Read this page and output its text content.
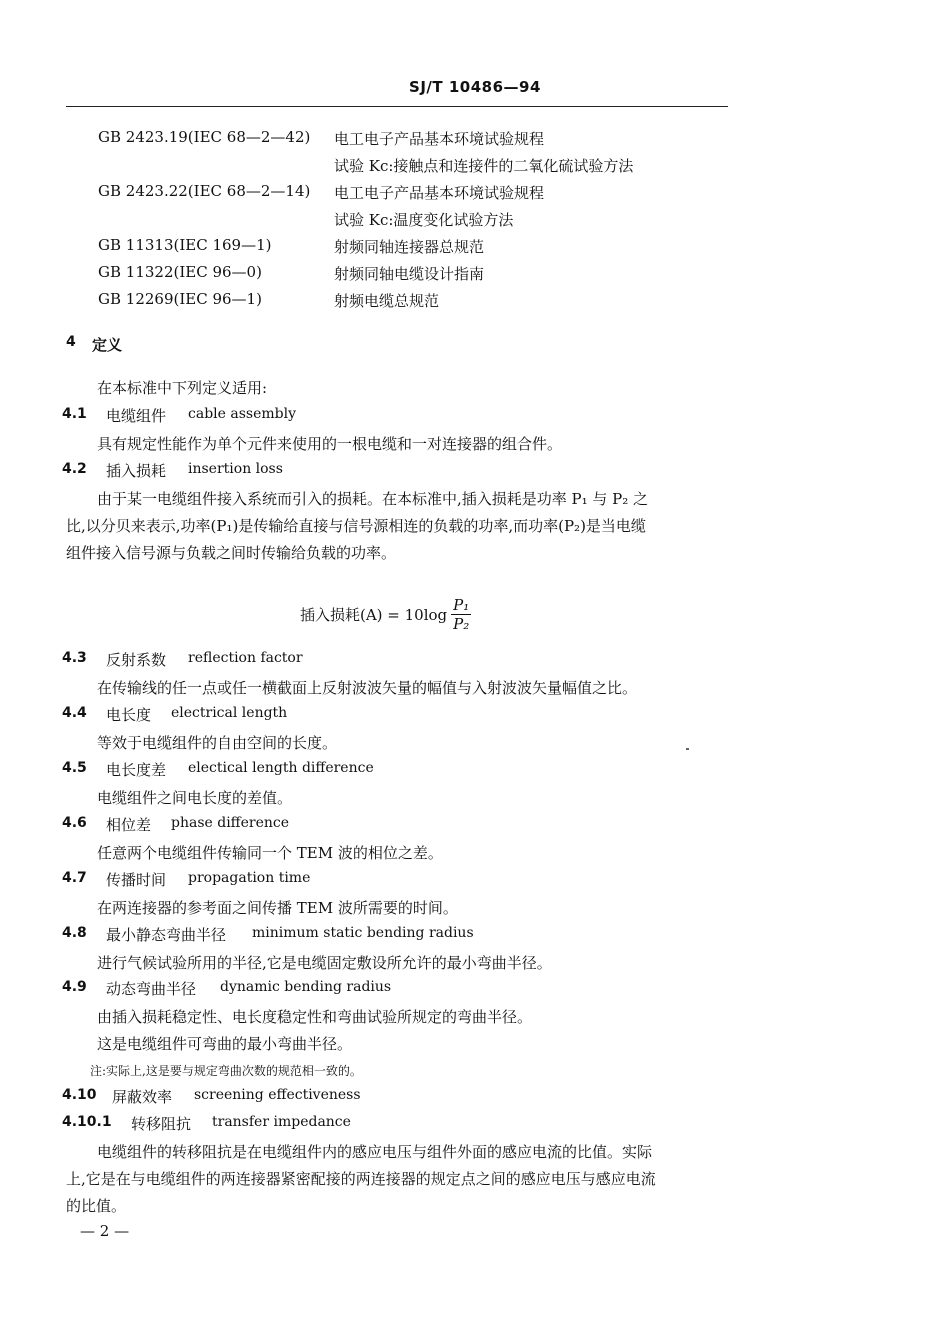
SJ/T 10486—94
GB 2423.19(IEC 68—2—42) 电工电子产品基本环境试验规程
试验 Kc:接触点和连接件的二氧化硫试验方法
GB 2423.22(IEC 68—2—14) 电工电子产品基本环境试验规程
试验 Kc:温度变化试验方法
GB 11313(IEC 169—1)	射频同轴连接器总规范
GB 11322(IEC 96—0)	射频同轴电缆设计指南
GB 12269(IEC 96—1)	射频电缆总规范
4 定义
在本标准中下列定义适用:
4.1 电缆组件 cable assembly
具有规定性能作为单个元件来使用的一根电缆和一对连接器的组合件。
4.2 插入损耗 insertion loss
由于某一电缆组件接入系统而引入的损耗。在本标准中,插入损耗是功率 P₁ 与 P₂ 之
比,以分贝来表示,功率(P₁)是传输给直接与信号源相连的负载的功率,而功率(P₂)是当电缆
组件接入信号源与负载之间时传输给负载的功率。
插入损耗$(A) = 10\log \frac{\text{P₁}}{\text{P₂}}$
4.3 反射系数 reflection factor
在传输线的任一点或任一横截面上反射波波矢量的幅值与入射波波矢量幅值之比。
4.4 电长度 electrical length
等效于电缆组件的自由空间的长度。
4.5 电长度差 electical length difference
电缆组件之间电长度的差值。
4.6 相位差 phase difference
任意两个电缆组件传输同一个 TEM 波的相位之差。
4.7 传播时间 propagation time
在两连接器的参考面之间传播 TEM 波所需要的时间。
4.8 最小静态弯曲半径 minimum static bending radius
进行气候试验所用的半径,它是电缆固定敷设所允许的最小弯曲半径。
4.9 动态弯曲半径 dynamic bending radius
由插入损耗稳定性、电长度稳定性和弯曲试验所规定的弯曲半径。
这是电缆组件可弯曲的最小弯曲半径。
注:实际上,这是要与规定弯曲次数的规范相一致的。
4.10 屏蔽效率 screening effectiveness
4.10.1 转移阻抗 transfer impedance
电缆组件的转移阻抗是在电缆组件内的感应电压与组件外面的感应电流的比值。实际
上,它是在与电缆组件的两连接器紧密配接的两连接器的规定点之间的感应电压与感应电流
的比值。
— 2 —
